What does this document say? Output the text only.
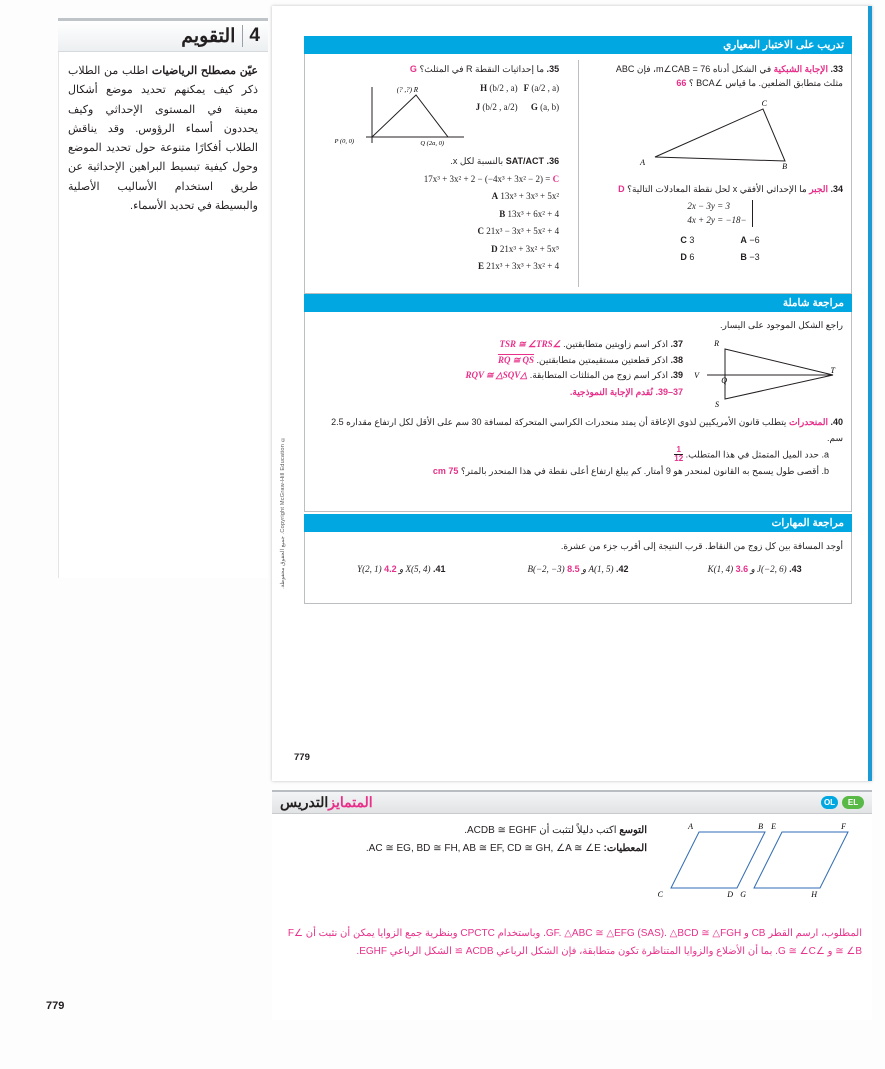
4
التقويم
عيّن مصطلح الرياضيات اطلب من الطلاب ذكر كيف يمكنهم تحديد موضع أشكال معينة في المستوى الإحداثي وكيف يحددون أسماء الرؤوس. وقد يناقش الطلاب أفكارًا متنوعة حول تحديد الموضع وحول كيفية تبسيط البراهين الإحداثية عن طريق استخدام الأساليب الأصلية والبسيطة في تحديد الأسماء.
© Copyright McGraw-Hill Education. جميع الحقوق محفوظة.
تدريب على الاختبار المعياري
33. الإجابة الشبكية في الشكل أدناه m∠CAB = 76، فإن ABC مثلث متطابق الضلعين. ما قياس ∠BCA ؟ 66
A	B
C
34. الجبر ما الإحداثي الأفقي x لحل نقطة المعادلات التالية؟ D
2x − 3y = 3
−4x + 2y = −18
A −6
B −3
C 3
D 6
35. ما إحداثيات النقطة R في المثلث؟ G
F (a/2 , a)
G (a, b)
H (b/2 , a)
J (b/2 , a/2)
R (?, ?)
P (0, 0)	Q (2a, 0)
36. SAT/ACT بالنسبة لكل x.
17x³ + 3x² + 2 − (−4x³ + 3x² − 2) = C
A 13x³ + 3x³ + 5x²
B 13x³ + 6x² + 4
C 21x³ − 3x³ + 5x² + 4
D 21x³ + 3x² + 5x⁵
E 21x³ + 3x³ + 3x² + 4
مراجعة شاملة
راجع الشكل الموجود على اليسار.
R
S
T
V
Q
37. اذكر اسم زاويتين متطابقتين. ∠TSR ≅ ∠TRS
38. اذكر قطعتين مستقيمتين متطابقتين. RQ ≅ QS
39. اذكر اسم زوج من المثلثات المتطابقة. △RQV ≅ △SQV
37–39. نُقدم الإجابة النموذجية.
40. المنحدرات يتطلب قانون الأمريكيين لذوي الإعاقة أن يمتد منحدرات الكراسي المتحركة لمسافة 30 سم على الأقل لكل ارتفاع مقداره 2.5 سم.
a. حدد الميل المتمثل في هذا المتطلب.
$\frac{1}{12}$
b. أقصى طول يسمح به القانون لمنحدر هو 9 أمتار. كم يبلغ ارتفاع أعلى نقطة في هذا المنحدر بالمتر؟ 75 cm
مراجعة المهارات
أوجد المسافة بين كل زوج من النقاط. قرب النتيجة إلى أقرب جزء من عشرة.
43. J(−2, 6) و K(1, 4) 3.6
42. A(1, 5) و B(−2, −3) 8.5
41. X(5, 4) و Y(2, 1) 4.2
779
EL
OL
المتمايز
التدريس
A	B E	F
C	D G	H
التوسع اكتب دليلاً لتثبت أن ACDB ≅ EGHF.
المعطيات: AC ≅ EG, BD ≅ FH, AB ≅ EF, CD ≅ GH, ∠A ≅ ∠E.
المطلوب، ارسم القطر CB و GF. △ABC ≅ △EFG (SAS). △BCD ≅ △FGH. وباستخدام CPCTC وبنظرية جمع الزوايا يمكن أن نثبت أن ∠F ≅ ∠B و ∠G ≅ ∠C. بما أن الأضلاع والزوايا المتناظرة تكون متطابقة، فإن الشكل الرباعي ACDB ≅ الشكل الرباعي EGHF.
779
